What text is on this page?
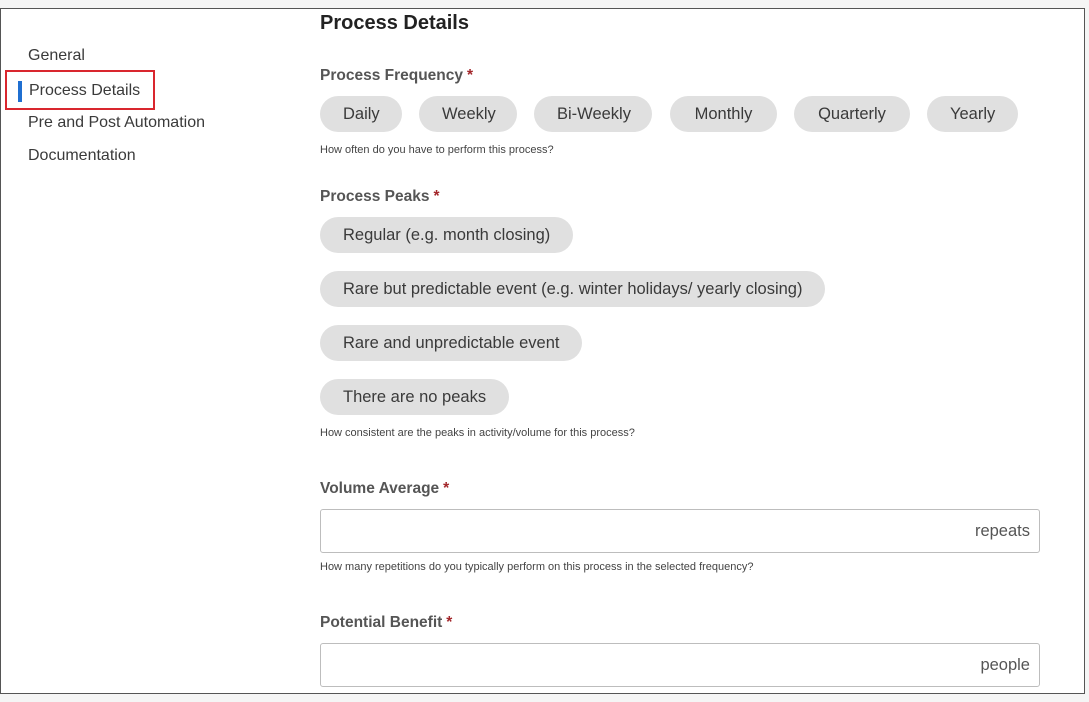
General
Process Details
Pre and Post Automation
Documentation
Process Details
Process Frequency *
Daily	Weekly	Bi-Weekly	Monthly	Quarterly	Yearly
How often do you have to perform this process?
Process Peaks *
Regular (e.g. month closing)
Rare but predictable event (e.g. winter holidays/ yearly closing)
Rare and unpredictable event
There are no peaks
How consistent are the peaks in activity/volume for this process?
Volume Average *
repeats
How many repetitions do you typically perform on this process in the selected frequency?
Potential Benefit *
people
